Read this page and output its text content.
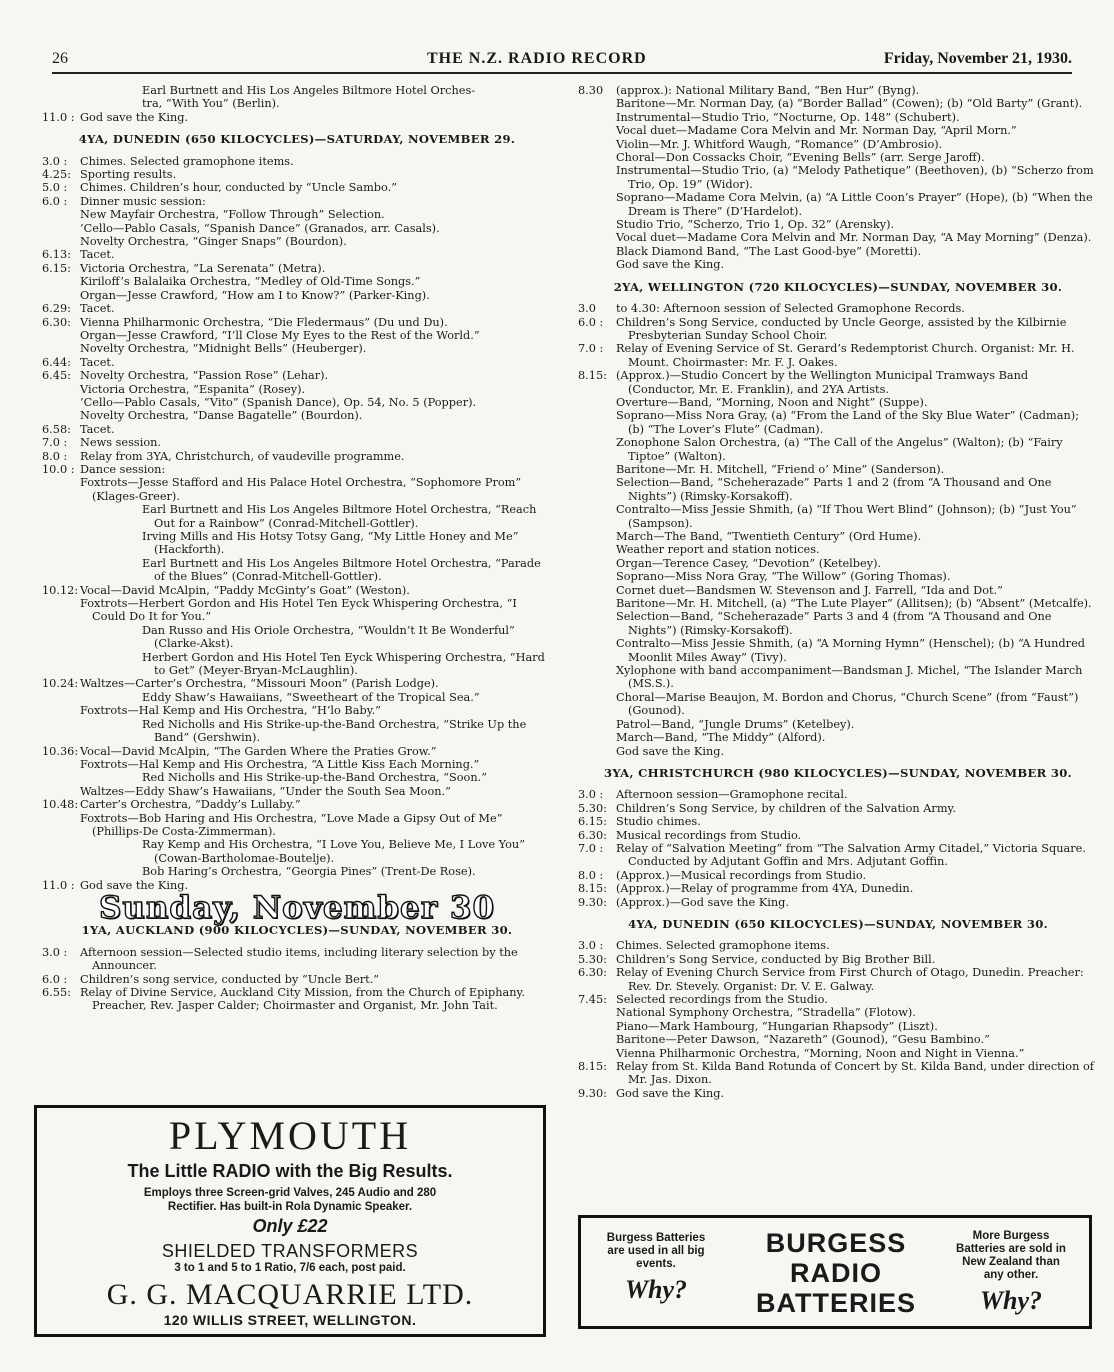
26	THE N.Z. RADIO RECORD	Friday, November 21, 1930.
Earl Burtnett and His Los Angeles Biltmore Hotel Orches-
tra, “With You” (Berlin).
11.0 : God save the King.
4YA, DUNEDIN (650 KILOCYCLES)—SATURDAY, NOVEMBER 29.
3.0 :	Chimes. Selected gramophone items.
4.25: Sporting results.
5.0 :	Chimes. Children’s hour, conducted by “Uncle Sambo.”
6.0 :	Dinner music session:
New Mayfair Orchestra, “Follow Through” Selection.
’Cello—Pablo Casals, “Spanish Dance” (Granados, arr. Casals).
Novelty Orchestra, “Ginger Snaps” (Bourdon).
6.13: Tacet.
6.15: Victoria Orchestra, “La Serenata” (Metra).
Kiriloff’s Balalaika Orchestra, “Medley of Old-Time Songs.”
Organ—Jesse Crawford, “How am I to Know?” (Parker-King).
6.29: Tacet.
6.30: Vienna Philharmonic Orchestra, “Die Fledermaus” (Du und Du).
Organ—Jesse Crawford, “I’ll Close My Eyes to the Rest of the World.”
Novelty Orchestra, “Midnight Bells” (Heuberger).
6.44: Tacet.
6.45: Novelty Orchestra, “Passion Rose” (Lehar).
Victoria Orchestra, “Espanita” (Rosey).
’Cello—Pablo Casals, “Vito” (Spanish Dance), Op. 54, No. 5 (Popper).
Novelty Orchestra, “Danse Bagatelle” (Bourdon).
6.58: Tacet.
7.0 :	News session.
8.0 :	Relay from 3YA, Christchurch, of vaudeville programme.
10.0 : Dance session:
Foxtrots—Jesse Stafford and His Palace Hotel Orchestra, “Sophomore Prom” (Klages-Greer).
Earl Burtnett and His Los Angeles Biltmore Hotel Orchestra, “Reach Out for a Rainbow” (Conrad-Mitchell-Gottler).
Irving Mills and His Hotsy Totsy Gang, “My Little Honey and Me” (Hackforth).
Earl Burtnett and His Los Angeles Biltmore Hotel Orchestra, “Parade of the Blues” (Conrad-Mitchell-Gottler).
10.12: Vocal—David McAlpin, “Paddy McGinty’s Goat” (Weston).
Foxtrots—Herbert Gordon and His Hotel Ten Eyck Whispering Orchestra, “I Could Do It for You.”
Dan Russo and His Oriole Orchestra, “Wouldn’t It Be Wonderful” (Clarke-Akst).
Herbert Gordon and His Hotel Ten Eyck Whispering Orchestra, “Hard to Get” (Meyer-Bryan-McLaughlin).
10.24: Waltzes—Carter’s Orchestra, “Missouri Moon” (Parish Lodge).
Eddy Shaw’s Hawaiians, “Sweetheart of the Tropical Sea.”
Foxtrots—Hal Kemp and His Orchestra, “H’lo Baby.”
Red Nicholls and His Strike-up-the-Band Orchestra, “Strike Up the Band” (Gershwin).
10.36: Vocal—David McAlpin, “The Garden Where the Praties Grow.”
Foxtrots—Hal Kemp and His Orchestra, “A Little Kiss Each Morning.”
Red Nicholls and His Strike-up-the-Band Orchestra, “Soon.”
Waltzes—Eddy Shaw’s Hawaiians, “Under the South Sea Moon.”
10.48: Carter’s Orchestra, “Daddy’s Lullaby.”
Foxtrots—Bob Haring and His Orchestra, “Love Made a Gipsy Out of Me” (Phillips-De Costa-Zimmerman).
Ray Kemp and His Orchestra, “I Love You, Believe Me, I Love You” (Cowan-Bartholomae-Boutelje).
Bob Haring’s Orchestra, “Georgia Pines” (Trent-De Rose).
11.0 : God save the King.
Sunday, November 30
1YA, AUCKLAND (900 KILOCYCLES)—SUNDAY, NOVEMBER 30.
3.0 :	Afternoon session—Selected studio items, including literary selection by the Announcer.
6.0 :	Children’s song service, conducted by “Uncle Bert.”
6.55: Relay of Divine Service, Auckland City Mission, from the Church of Epiphany. Preacher, Rev. Jasper Calder; Choirmaster and Organist, Mr. John Tait.
8.30	(approx.): National Military Band, “Ben Hur” (Byng).
Baritone—Mr. Norman Day, (a) “Border Ballad” (Cowen); (b) “Old Barty” (Grant).
Instrumental—Studio Trio, “Nocturne, Op. 148” (Schubert).
Vocal duet—Madame Cora Melvin and Mr. Norman Day, “April Morn.”
Violin—Mr. J. Whitford Waugh, “Romance” (D’Ambrosio).
Choral—Don Cossacks Choir, “Evening Bells” (arr. Serge Jaroff).
Instrumental—Studio Trio, (a) “Melody Pathetique” (Beethoven), (b) “Scherzo from Trio, Op. 19” (Widor).
Soprano—Madame Cora Melvin, (a) “A Little Coon’s Prayer” (Hope), (b) “When the Dream is There” (D’Hardelot).
Studio Trio, “Scherzo, Trio 1, Op. 32” (Arensky).
Vocal duet—Madame Cora Melvin and Mr. Norman Day, “A May Morning” (Denza).
Black Diamond Band, “The Last Good-bye” (Moretti).
God save the King.
2YA, WELLINGTON (720 KILOCYCLES)—SUNDAY, NOVEMBER 30.
3.0	to 4.30: Afternoon session of Selected Gramophone Records.
6.0 :	Children’s Song Service, conducted by Uncle George, assisted by the Kilbirnie Presbyterian Sunday School Choir.
7.0 :	Relay of Evening Service of St. Gerard’s Redemptorist Church. Organist: Mr. H. Mount. Choirmaster: Mr. F. J. Oakes.
8.15: (Approx.)—Studio Concert by the Wellington Municipal Tramways Band (Conductor, Mr. E. Franklin), and 2YA Artists.
Overture—Band, “Morning, Noon and Night” (Suppe).
Soprano—Miss Nora Gray, (a) “From the Land of the Sky Blue Water” (Cadman); (b) “The Lover’s Flute” (Cadman).
Zonophone Salon Orchestra, (a) “The Call of the Angelus” (Walton); (b) “Fairy Tiptoe” (Walton).
Baritone—Mr. H. Mitchell, “Friend o’ Mine” (Sanderson).
Selection—Band, “Scheherazade” Parts 1 and 2 (from “A Thousand and One Nights”) (Rimsky-Korsakoff).
Contralto—Miss Jessie Shmith, (a) “If Thou Wert Blind” (Johnson); (b) “Just You” (Sampson).
March—The Band, “Twentieth Century” (Ord Hume).
Weather report and station notices.
Organ—Terence Casey, “Devotion” (Ketelbey).
Soprano—Miss Nora Gray, “The Willow” (Goring Thomas).
Cornet duet—Bandsmen W. Stevenson and J. Farrell, “Ida and Dot.”
Baritone—Mr. H. Mitchell, (a) “The Lute Player” (Allitsen); (b) “Absent” (Metcalfe).
Selection—Band, “Scheherazade” Parts 3 and 4 (from “A Thousand and One Nights”) (Rimsky-Korsakoff).
Contralto—Miss Jessie Shmith, (a) “A Morning Hymn” (Henschel); (b) “A Hundred Moonlit Miles Away” (Tivy).
Xylophone with band accompaniment—Bandsman J. Michel, “The Islander March (MS.S.).
Choral—Marise Beaujon, M. Bordon and Chorus, “Church Scene” (from “Faust”) (Gounod).
Patrol—Band, “Jungle Drums” (Ketelbey).
March—Band, “The Middy” (Alford).
God save the King.
3YA, CHRISTCHURCH (980 KILOCYCLES)—SUNDAY, NOVEMBER 30.
3.0 :	Afternoon session—Gramophone recital.
5.30: Children’s Song Service, by children of the Salvation Army.
6.15: Studio chimes.
6.30: Musical recordings from Studio.
7.0 :	Relay of “Salvation Meeting” from “The Salvation Army Citadel,” Victoria Square. Conducted by Adjutant Goffin and Mrs. Adjutant Goffin.
8.0 :	(Approx.)—Musical recordings from Studio.
8.15: (Approx.)—Relay of programme from 4YA, Dunedin.
9.30: (Approx.)—God save the King.
4YA, DUNEDIN (650 KILOCYCLES)—SUNDAY, NOVEMBER 30.
3.0 :	Chimes. Selected gramophone items.
5.30: Children’s Song Service, conducted by Big Brother Bill.
6.30: Relay of Evening Church Service from First Church of Otago, Dunedin. Preacher: Rev. Dr. Stevely. Organist: Dr. V. E. Galway.
7.45: Selected recordings from the Studio.
National Symphony Orchestra, “Stradella” (Flotow).
Piano—Mark Hambourg, “Hungarian Rhapsody” (Liszt).
Baritone—Peter Dawson, “Nazareth” (Gounod), “Gesu Bambino.”
Vienna Philharmonic Orchestra, “Morning, Noon and Night in Vienna.”
8.15: Relay from St. Kilda Band Rotunda of Concert by St. Kilda Band, under direction of Mr. Jas. Dixon.
9.30: God save the King.
PLYMOUTH
The Little RADIO with the Big Results.
Employs three Screen-grid Valves, 245 Audio and 280
Rectifier. Has built-in Rola Dynamic Speaker.
Only £22
SHIELDED TRANSFORMERS
3 to 1 and 5 to 1 Ratio, 7/6 each, post paid.
G. G. MACQUARRIE LTD.
120 WILLIS STREET, WELLINGTON.
Burgess Batteries are used in all big events.
Why?
BURGESS
RADIO
BATTERIES
More Burgess Batteries are sold in New Zealand than any other.
Why?
